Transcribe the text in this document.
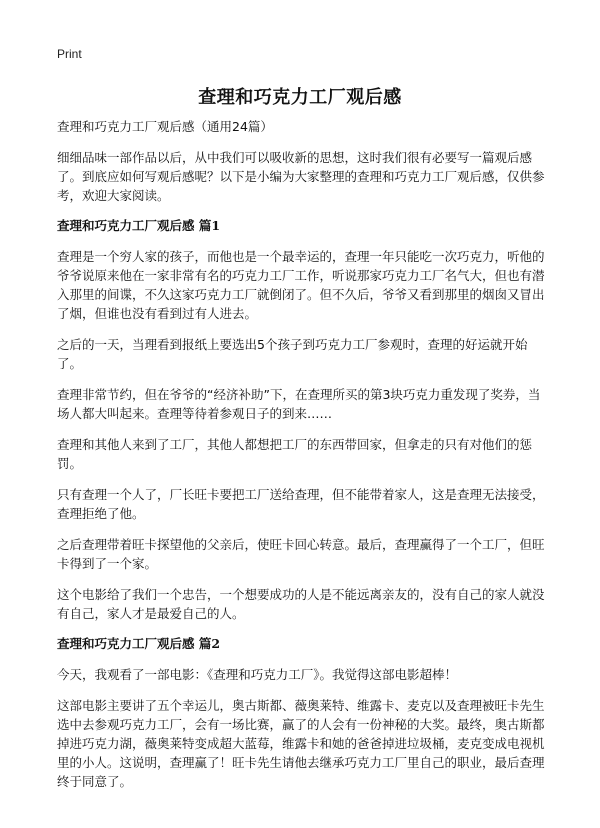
Print
查理和巧克力工厂观后感
查理和巧克力工厂观后感（通用24篇）

细细品味一部作品以后，从中我们可以吸收新的思想，这时我们很有必要写一篇观后感了。到底应如何写观后感呢？以下是小编为大家整理的查理和巧克力工厂观后感，仅供参考，欢迎大家阅读。

查理和巧克力工厂观后感 篇1

查理是一个穷人家的孩子，而他也是一个最幸运的，查理一年只能吃一次巧克力，听他的爷爷说原来他在一家非常有名的巧克力工厂工作，听说那家巧克力工厂名气大，但也有潜入那里的间谍，不久这家巧克力工厂就倒闭了。但不久后，爷爷又看到那里的烟囱又冒出了烟，但谁也没有看到过有人进去。

之后的一天，当理看到报纸上要选出5个孩子到巧克力工厂参观时，查理的好运就开始了。

查理非常节约，但在爷爷的“经济补助”下，在查理所买的第3块巧克力重发现了奖券，当场人都大叫起来。查理等待着参观日子的到来……

查理和其他人来到了工厂，其他人都想把工厂的东西带回家，但拿走的只有对他们的惩罚。

只有查理一个人了，厂长旺卡要把工厂送给查理，但不能带着家人，这是查理无法接受，查理拒绝了他。

之后查理带着旺卡探望他的父亲后，使旺卡回心转意。最后，查理赢得了一个工厂，但旺卡得到了一个家。

这个电影给了我们一个忠告，一个想要成功的人是不能远离亲友的，没有自己的家人就没有自己，家人才是最爱自己的人。

查理和巧克力工厂观后感 篇2

今天，我观看了一部电影：《查理和巧克力工厂》。我觉得这部电影超棒！

这部电影主要讲了五个幸运儿，奥古斯都、薇奥莱特、维露卡、麦克以及查理被旺卡先生选中去参观巧克力工厂，会有一场比赛，赢了的人会有一份神秘的大奖。最终，奥古斯都掉进巧克力湖，薇奥莱特变成超大蓝莓，维露卡和她的爸爸掉进垃圾桶，麦克变成电视机里的小人。这说明，查理赢了！旺卡先生请他去继承巧克力工厂里自己的职业，最后查理终于同意了。
